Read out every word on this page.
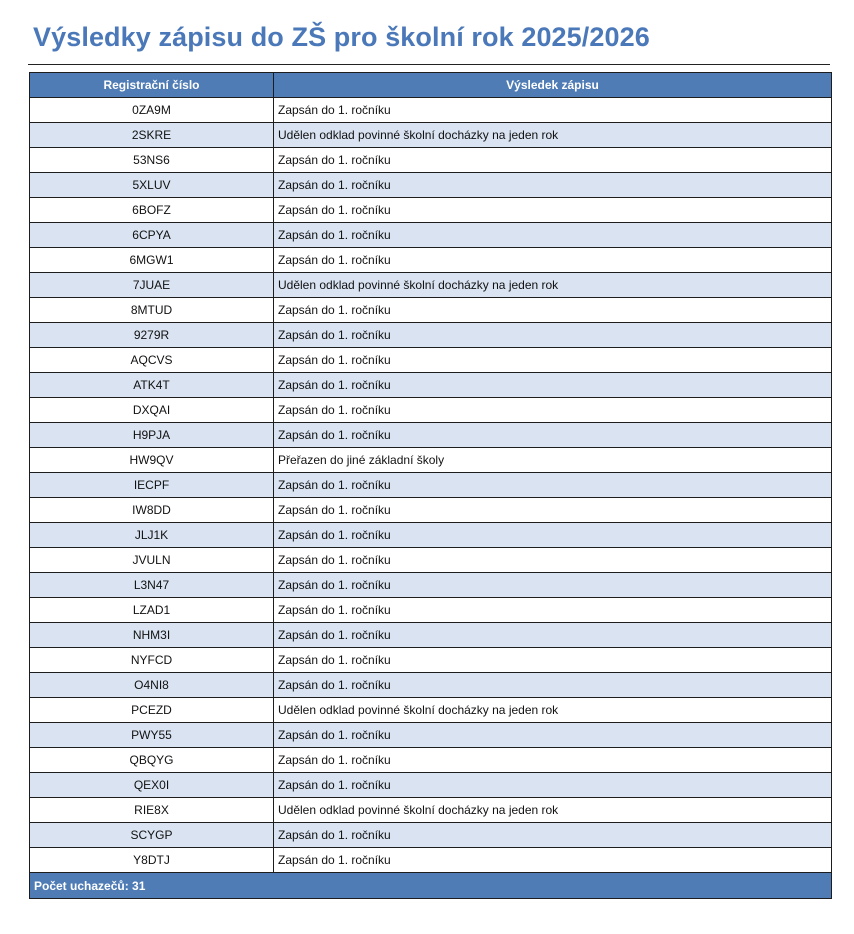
Výsledky zápisu do ZŠ pro školní rok 2025/2026
Registrační číslo	Výsledek zápisu
0ZA9M	Zapsán do 1. ročníku
2SKRE	Udělen odklad povinné školní docházky na jeden rok
53NS6	Zapsán do 1. ročníku
5XLUV	Zapsán do 1. ročníku
6BOFZ	Zapsán do 1. ročníku
6CPYA	Zapsán do 1. ročníku
6MGW1	Zapsán do 1. ročníku
7JUAE	Udělen odklad povinné školní docházky na jeden rok
8MTUD	Zapsán do 1. ročníku
9279R	Zapsán do 1. ročníku
AQCVS	Zapsán do 1. ročníku
ATK4T	Zapsán do 1. ročníku
DXQAI	Zapsán do 1. ročníku
H9PJA	Zapsán do 1. ročníku
HW9QV	Přeřazen do jiné základní školy
IECPF	Zapsán do 1. ročníku
IW8DD	Zapsán do 1. ročníku
JLJ1K	Zapsán do 1. ročníku
JVULN	Zapsán do 1. ročníku
L3N47	Zapsán do 1. ročníku
LZAD1	Zapsán do 1. ročníku
NHM3I	Zapsán do 1. ročníku
NYFCD	Zapsán do 1. ročníku
O4NI8	Zapsán do 1. ročníku
PCEZD	Udělen odklad povinné školní docházky na jeden rok
PWY55	Zapsán do 1. ročníku
QBQYG	Zapsán do 1. ročníku
QEX0I	Zapsán do 1. ročníku
RIE8X	Udělen odklad povinné školní docházky na jeden rok
SCYGP	Zapsán do 1. ročníku
Y8DTJ	Zapsán do 1. ročníku
Počet uchazečů: 31	
